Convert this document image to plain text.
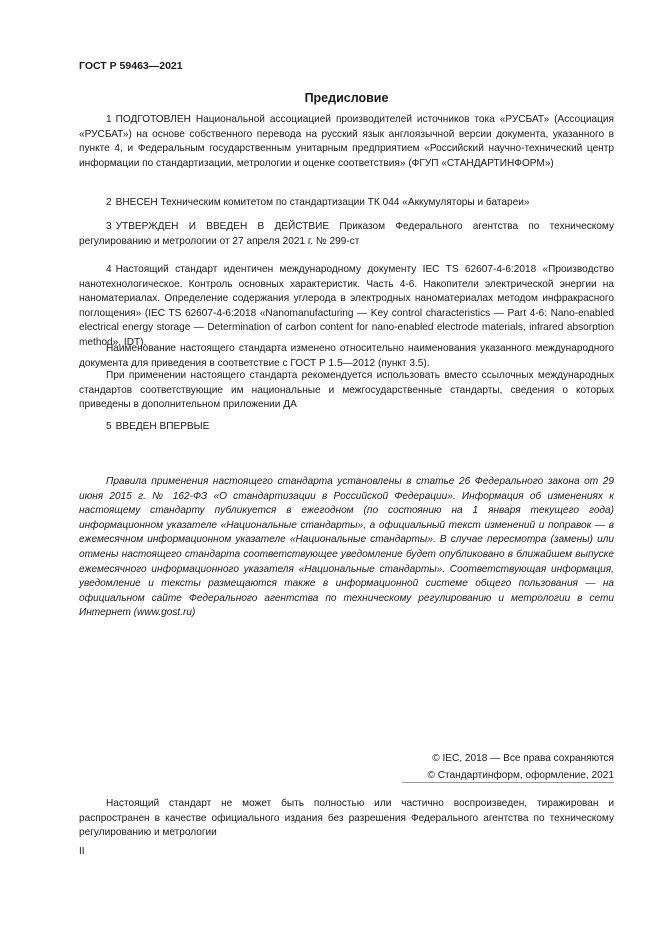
ГОСТ Р 59463—2021
Предисловие

1 ПОДГОТОВЛЕН Национальной ассоциацией производителей источников тока «РУСБАТ» (Ассоциация «РУСБАТ») на основе собственного перевода на русский язык англоязычной версии документа, указанного в пункте 4, и Федеральным государственным унитарным предприятием «Российский научно-технический центр информации по стандартизации, метрологии и оценке соответствия» (ФГУП «СТАНДАРТИНФОРМ»)

2 ВНЕСЕН Техническим комитетом по стандартизации ТК 044 «Аккумуляторы и батареи»

3 УТВЕРЖДЕН И ВВЕДЕН В ДЕЙСТВИЕ Приказом Федерального агентства по техническому регулированию и метрологии от 27 апреля 2021 г. № 299-ст

4 Настоящий стандарт идентичен международному документу IEC TS 62607-4-6:2018 «Производство нанотехнологическое. Контроль основных характеристик. Часть 4-6. Накопители электрической энергии на наноматериалах. Определение содержания углерода в электродных наноматериалах методом инфракрасного поглощения» (IEC TS 62607-4-6:2018 «Nanomanufacturing — Key control characteristics — Part 4-6: Nano-enabled electrical energy storage — Determination of carbon content for nano-enabled electrode materials, infrared absorption method», IDT).

Наименование настоящего стандарта изменено относительно наименования указанного международного документа для приведения в соответствие с ГОСТ Р 1.5—2012 (пункт 3.5).

При применении настоящего стандарта рекомендуется использовать вместо ссылочных международных стандартов соответствующие им национальные и межгосударственные стандарты, сведения о которых приведены в дополнительном приложении ДА

5 ВВЕДЕН ВПЕРВЫЕ

Правила применения настоящего стандарта установлены в статье 26 Федерального закона от 29 июня 2015 г. № 162-ФЗ «О стандартизации в Российской Федерации». Информация об изменениях к настоящему стандарту публикуется в ежегодном (по состоянию на 1 января текущего года) информационном указателе «Национальные стандарты», а официальный текст изменений и поправок — в ежемесячном информационном указателе «Национальные стандарты». В случае пересмотра (замены) или отмены настоящего стандарта соответствующее уведомление будет опубликовано в ближайшем выпуске ежемесячного информационного указателя «Национальные стандарты». Соответствующая информация, уведомление и тексты размещаются также в информационной системе общего пользования — на официальном сайте Федерального агентства по техническому регулированию и метрологии в сети Интернет (www.gost.ru)

© IEC, 2018 — Все права сохраняются
© Стандартинформ, оформление, 2021

Настоящий стандарт не может быть полностью или частично воспроизведен, тиражирован и распространен в качестве официального издания без разрешения Федерального агентства по техническому регулированию и метрологии

II
